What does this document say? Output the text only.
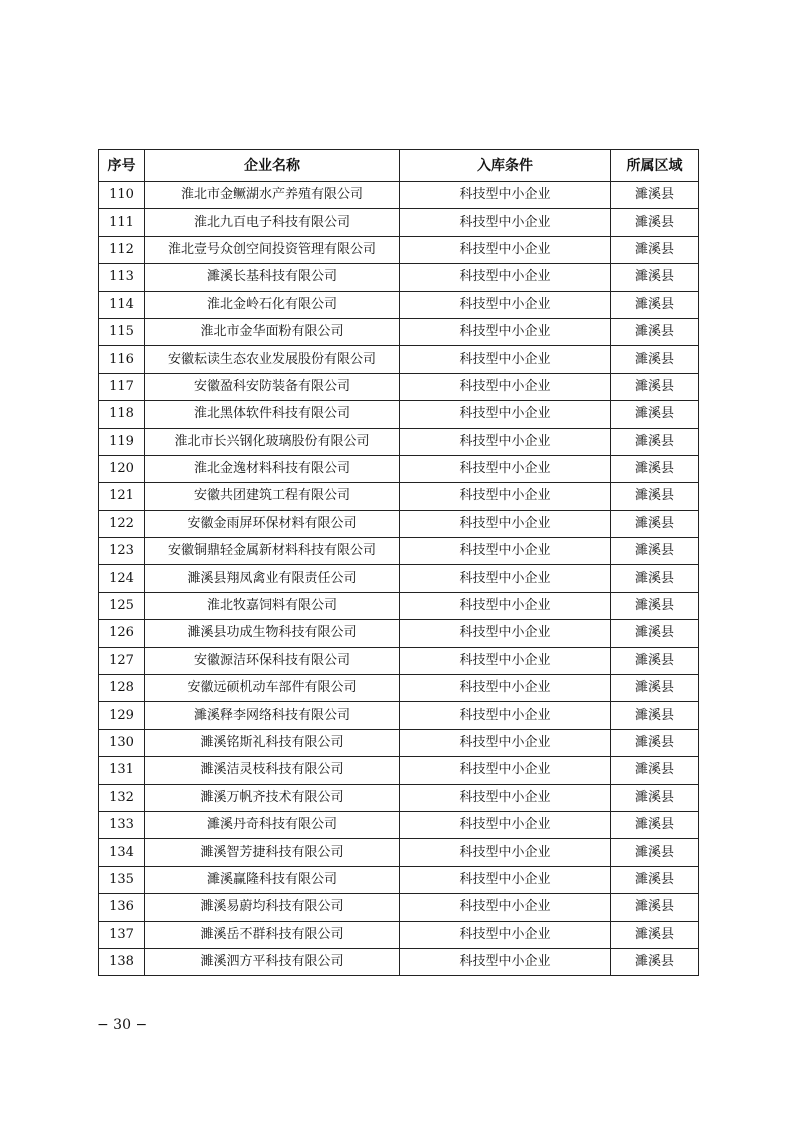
序号	企业名称	入库条件	所属区域
110	淮北市金鳜湖水产养殖有限公司	科技型中小企业	濉溪县
111	淮北九百电子科技有限公司	科技型中小企业	濉溪县
112	淮北壹号众创空间投资管理有限公司	科技型中小企业	濉溪县
113	濉溪长基科技有限公司	科技型中小企业	濉溪县
114	淮北金岭石化有限公司	科技型中小企业	濉溪县
115	淮北市金华面粉有限公司	科技型中小企业	濉溪县
116	安徽耘读生态农业发展股份有限公司	科技型中小企业	濉溪县
117	安徽盈科安防装备有限公司	科技型中小企业	濉溪县
118	淮北黑体软件科技有限公司	科技型中小企业	濉溪县
119	淮北市长兴钢化玻璃股份有限公司	科技型中小企业	濉溪县
120	淮北金逸材料科技有限公司	科技型中小企业	濉溪县
121	安徽共团建筑工程有限公司	科技型中小企业	濉溪县
122	安徽金雨屏环保材料有限公司	科技型中小企业	濉溪县
123	安徽铜鼎轻金属新材料科技有限公司	科技型中小企业	濉溪县
124	濉溪县翔凤禽业有限责任公司	科技型中小企业	濉溪县
125	淮北牧嘉饲料有限公司	科技型中小企业	濉溪县
126	濉溪县功成生物科技有限公司	科技型中小企业	濉溪县
127	安徽源洁环保科技有限公司	科技型中小企业	濉溪县
128	安徽远硕机动车部件有限公司	科技型中小企业	濉溪县
129	濉溪释李网络科技有限公司	科技型中小企业	濉溪县
130	濉溪铭斯礼科技有限公司	科技型中小企业	濉溪县
131	濉溪洁灵枝科技有限公司	科技型中小企业	濉溪县
132	濉溪万帆齐技术有限公司	科技型中小企业	濉溪县
133	濉溪丹奇科技有限公司	科技型中小企业	濉溪县
134	濉溪智芳捷科技有限公司	科技型中小企业	濉溪县
135	濉溪赢隆科技有限公司	科技型中小企业	濉溪县
136	濉溪易蔚均科技有限公司	科技型中小企业	濉溪县
137	濉溪岳不群科技有限公司	科技型中小企业	濉溪县
138	濉溪泗方平科技有限公司	科技型中小企业	濉溪县
− 30 −
